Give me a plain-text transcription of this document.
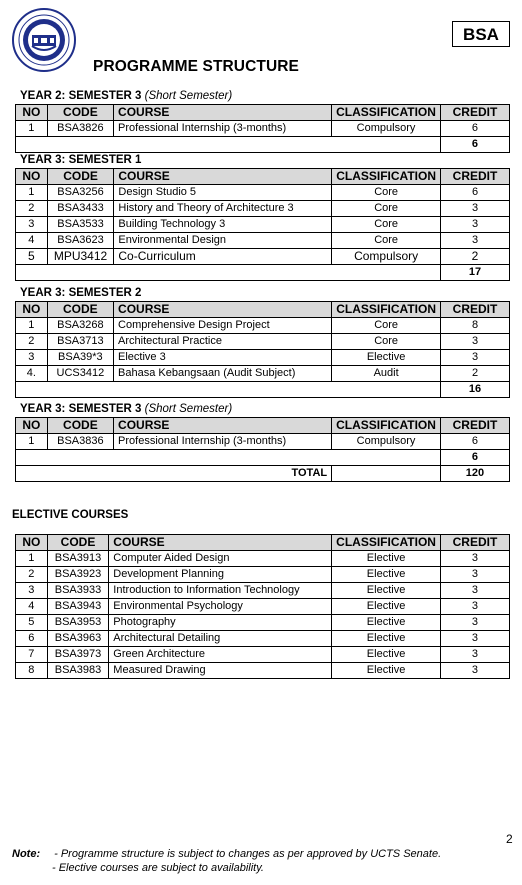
BSA
PROGRAMME STRUCTURE
YEAR 2: SEMESTER 3 (Short Semester)
NO	CODE	COURSE	CLASSIFICATION	CREDIT
1	BSA3826	Professional Internship (3-months)	Compulsory	6
				6
YEAR 3: SEMESTER 1
NO	CODE	COURSE	CLASSIFICATION	CREDIT
1	BSA3256	Design Studio 5	Core	6
2	BSA3433	History and Theory of Architecture 3	Core	3
3	BSA3533	Building Technology 3	Core	3
4	BSA3623	Environmental Design	Core	3
5	MPU3412	Co-Curriculum	Compulsory	2
				17
YEAR 3: SEMESTER 2
NO	CODE	COURSE	CLASSIFICATION	CREDIT
1	BSA3268	Comprehensive Design Project	Core	8
2	BSA3713	Architectural Practice	Core	3
3	BSA39*3	Elective 3	Elective	3
4.	UCS3412	Bahasa Kebangsaan (Audit Subject)	Audit	2
				16
YEAR 3: SEMESTER 3 (Short Semester)
NO	CODE	COURSE	CLASSIFICATION	CREDIT
1	BSA3836	Professional Internship (3-months)	Compulsory	6
				6
TOTAL				120
ELECTIVE COURSES
NO	CODE	COURSE	CLASSIFICATION	CREDIT
1	BSA3913	Computer Aided Design	Elective	3
2	BSA3923	Development Planning	Elective	3
3	BSA3933	Introduction to Information Technology	Elective	3
4	BSA3943	Environmental Psychology	Elective	3
5	BSA3953	Photography	Elective	3
6	BSA3963	Architectural Detailing	Elective	3
7	BSA3973	Green Architecture	Elective	3
8	BSA3983	Measured Drawing	Elective	3
2
Note: - Programme structure is subject to changes as per approved by UCTS Senate.
- Elective courses are subject to availability.
